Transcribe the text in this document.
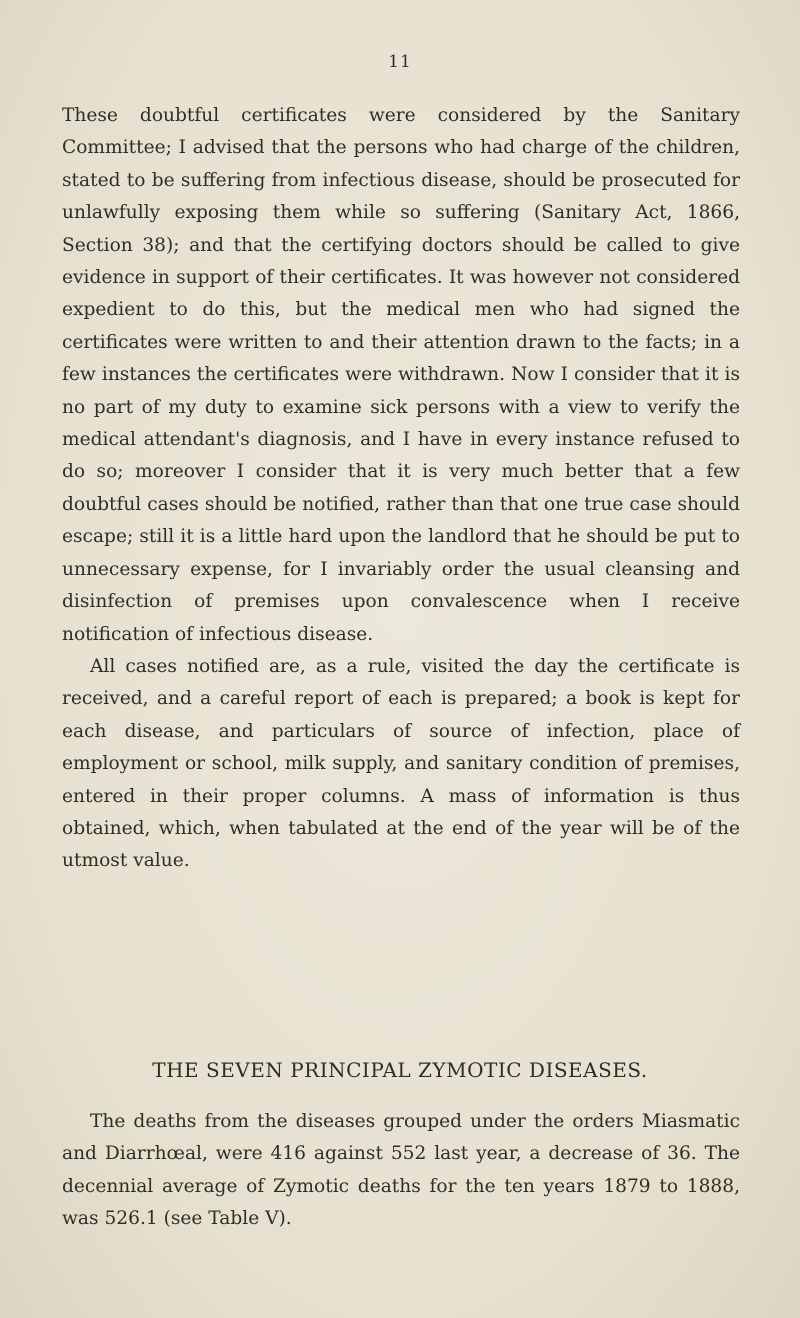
11

These doubtful certificates were considered by the Sanitary Committee; I advised that the persons who had charge of the children, stated to be suffering from infectious disease, should be prosecuted for unlawfully exposing them while so suffering (Sanitary Act, 1866, Section 38); and that the certifying doctors should be called to give evidence in support of their certificates. It was however not considered expedient to do this, but the medical men who had signed the certificates were written to and their attention drawn to the facts; in a few instances the certificates were withdrawn. Now I consider that it is no part of my duty to examine sick persons with a view to verify the medical attendant's diagnosis, and I have in every instance refused to do so; moreover I consider that it is very much better that a few doubtful cases should be notified, rather than that one true case should escape; still it is a little hard upon the landlord that he should be put to unnecessary expense, for I invariably order the usual cleansing and disinfection of premises upon convalescence when I receive notification of infectious disease.

All cases notified are, as a rule, visited the day the certificate is received, and a careful report of each is prepared; a book is kept for each disease, and particulars of source of infection, place of employment or school, milk supply, and sanitary condition of premises, entered in their proper columns. A mass of information is thus obtained, which, when tabulated at the end of the year will be of the utmost value.

THE SEVEN PRINCIPAL ZYMOTIC DISEASES.

The deaths from the diseases grouped under the orders Miasmatic and Diarrhœal, were 416 against 552 last year, a decrease of 36. The decennial average of Zymotic deaths for the ten years 1879 to 1888, was 526.1 (see Table V).
